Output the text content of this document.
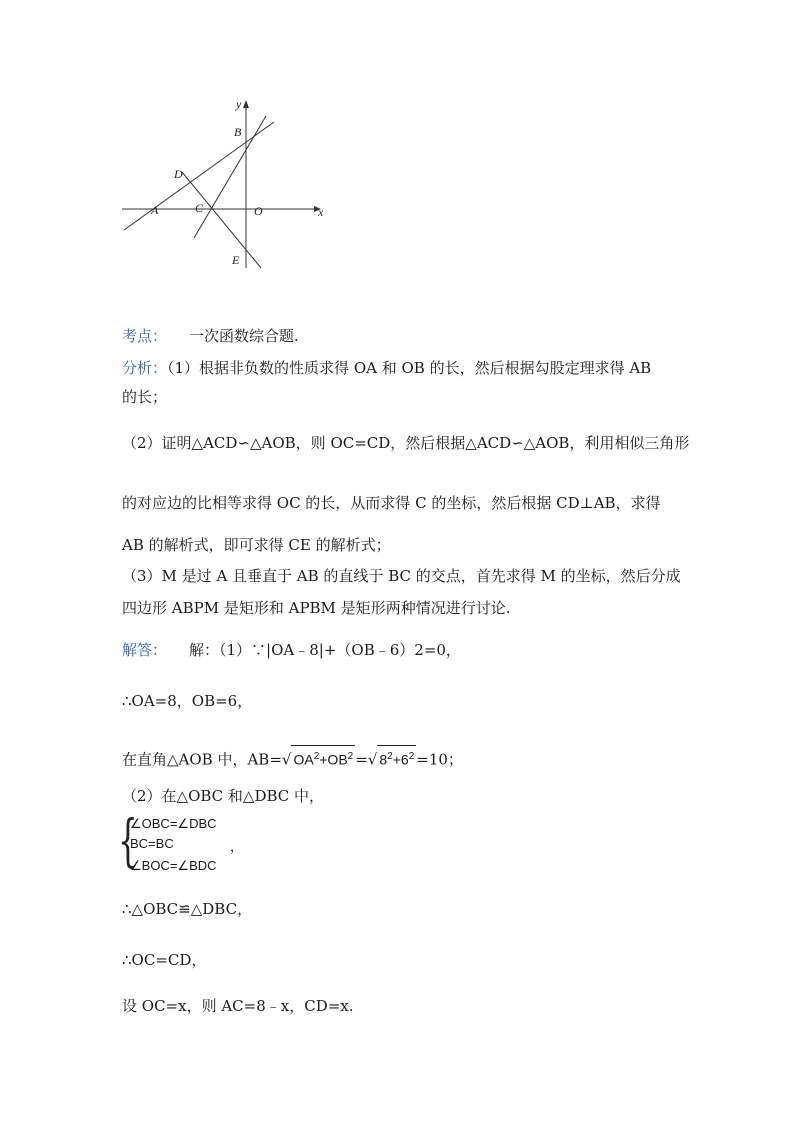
y
x
B
D
A	C	O
E
考点： 一次函数综合题.
分析：（1）根据非负数的性质求得 OA 和 OB 的长，然后根据勾股定理求得 AB
的长；
（2）证明△ACD∽△AOB，则 OC=CD，然后根据△ACD∽△AOB，利用相似三角形
的对应边的比相等求得 OC 的长，从而求得 C 的坐标，然后根据 CD⊥AB，求得
AB 的解析式，即可求得 CE 的解析式；
（3）M 是过 A 且垂直于 AB 的直线于 BC 的交点，首先求得 M 的坐标，然后分成
四边形 ABPM 是矩形和 APBM 是矩形两种情况进行讨论.
解答： 解：（1）∵|OA﹣8|+（OB﹣6）2=0，
∴OA=8，OB=6，
在直角△AOB 中，AB=√ $OA^2+OB^2$ =√ $8^2+6^2 =10$；
（2）在△OBC 和△DBC 中，
{
∠OBC=∠DBC
BC=BC
∠BOC=∠BDC
，
∴△OBC≌△DBC，
∴OC=CD，
设 OC=x，则 AC=8﹣x，CD=x.
